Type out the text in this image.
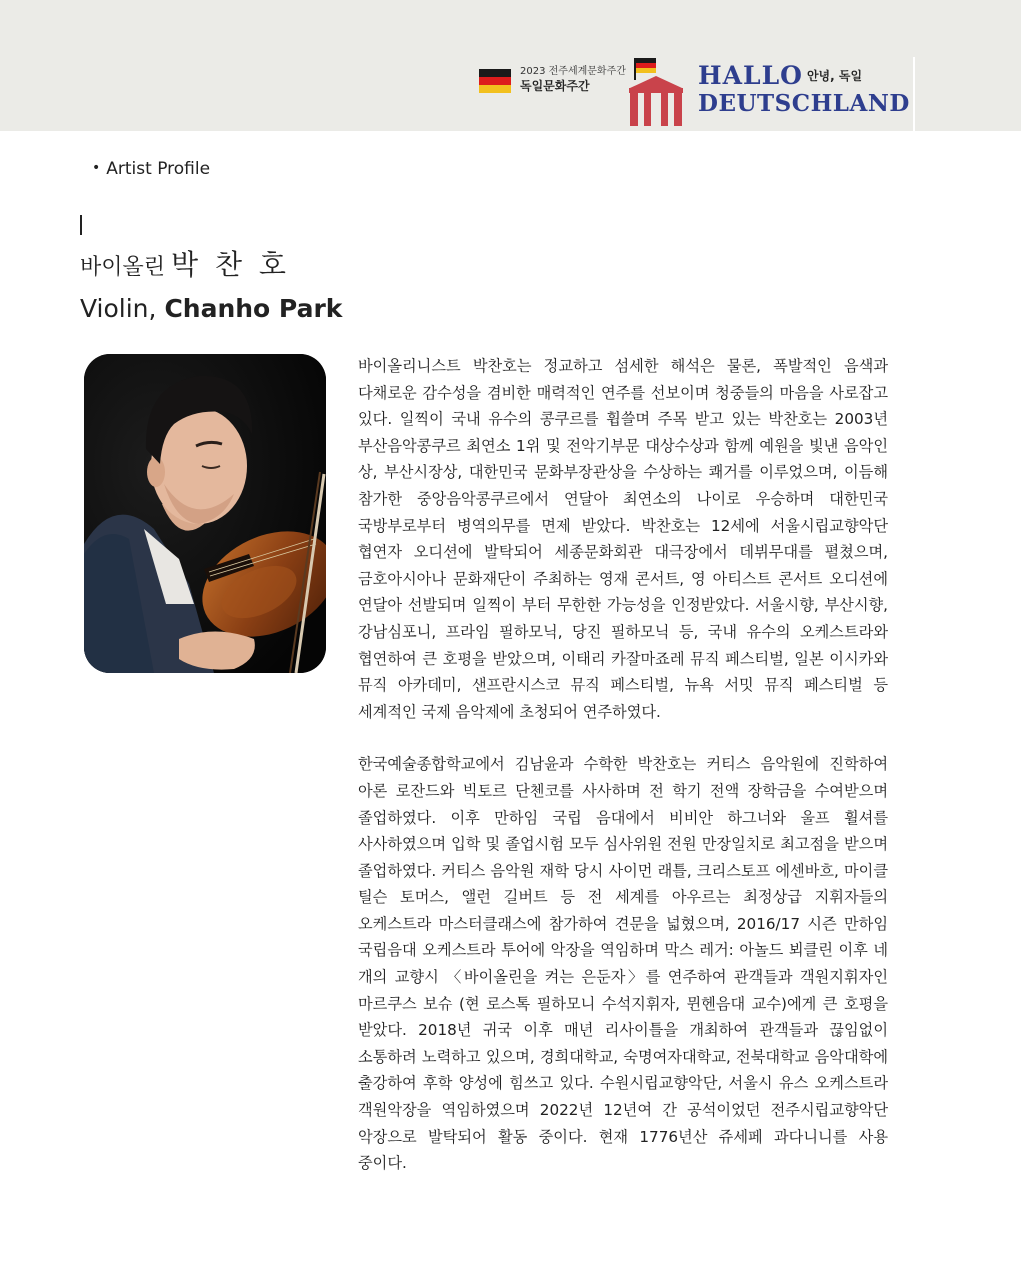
2023 전주세계문화주간
독일문화주간	HALLO $^{안녕, 독일}$
DEUTSCHLAND
• Artist Profile
바이올린 박 찬 호
Violin, Chanho Park

바이올리니스트 박찬호는 정교하고 섬세한 해석은 물론, 폭발적인 음색과 다채로운 감수성을 겸비한 매력적인 연주를 선보이며 청중들의 마음을 사로잡고 있다. 일찍이 국내 유수의 콩쿠르를 휩쓸며 주목 받고 있는 박찬호는 2003년 부산음악콩쿠르 최연소 1위 및 전악기부문 대상수상과 함께 예원을 빛낸 음악인 상, 부산시장상, 대한민국 문화부장관상을 수상하는 쾌거를 이루었으며, 이듬해 참가한 중앙음악콩쿠르에서 연달아 최연소의 나이로 우승하며 대한민국 국방부로부터 병역의무를 면제 받았다. 박찬호는 12세에 서울시립교향악단 협연자 오디션에 발탁되어 세종문화회관 대극장에서 데뷔무대를 펼쳤으며, 금호아시아나 문화재단이 주최하는 영재 콘서트, 영 아티스트 콘서트 오디션에 연달아 선발되며 일찍이 부터 무한한 가능성을 인정받았다. 서울시향, 부산시향, 강남심포니, 프라임 필하모닉, 당진 필하모닉 등, 국내 유수의 오케스트라와 협연하여 큰 호평을 받았으며, 이태리 카잘마죠레 뮤직 페스티벌, 일본 이시카와 뮤직 아카데미, 샌프란시스코 뮤직 페스티벌, 뉴욕 서밋 뮤직 페스티벌 등 세계적인 국제 음악제에 초청되어 연주하였다.

한국예술종합학교에서 김남윤과 수학한 박찬호는 커티스 음악원에 진학하여 아론 로잔드와 빅토르 단첸코를 사사하며 전 학기 전액 장학금을 수여받으며 졸업하였다. 이후 만하임 국립 음대에서 비비안 하그너와 울프 휠셔를 사사하였으며 입학 및 졸업시험 모두 심사위원 전원 만장일치로 최고점을 받으며 졸업하였다. 커티스 음악원 재학 당시 사이먼 래틀, 크리스토프 에센바흐, 마이클 틸슨 토머스, 앨런 길버트 등 전 세계를 아우르는 최정상급 지휘자들의 오케스트라 마스터클래스에 참가하여 견문을 넓혔으며, 2016/17 시즌 만하임 국립음대 오케스트라 투어에 악장을 역임하며 막스 레거: 아놀드 뵈클린 이후 네 개의 교향시 〈바이올린을 켜는 은둔자〉를 연주하여 관객들과 객원지휘자인 마르쿠스 보슈 (현 로스톡 필하모니 수석지휘자, 뮌헨음대 교수)에게 큰 호평을 받았다. 2018년 귀국 이후 매년 리사이틀을 개최하여 관객들과 끊임없이 소통하려 노력하고 있으며, 경희대학교, 숙명여자대학교, 전북대학교 음악대학에 출강하여 후학 양성에 힘쓰고 있다. 수원시립교향악단, 서울시 유스 오케스트라 객원악장을 역임하였으며 2022년 12년여 간 공석이었던 전주시립교향악단 악장으로 발탁되어 활동 중이다. 현재 1776년산 쥬세페 과다니니를 사용 중이다.
